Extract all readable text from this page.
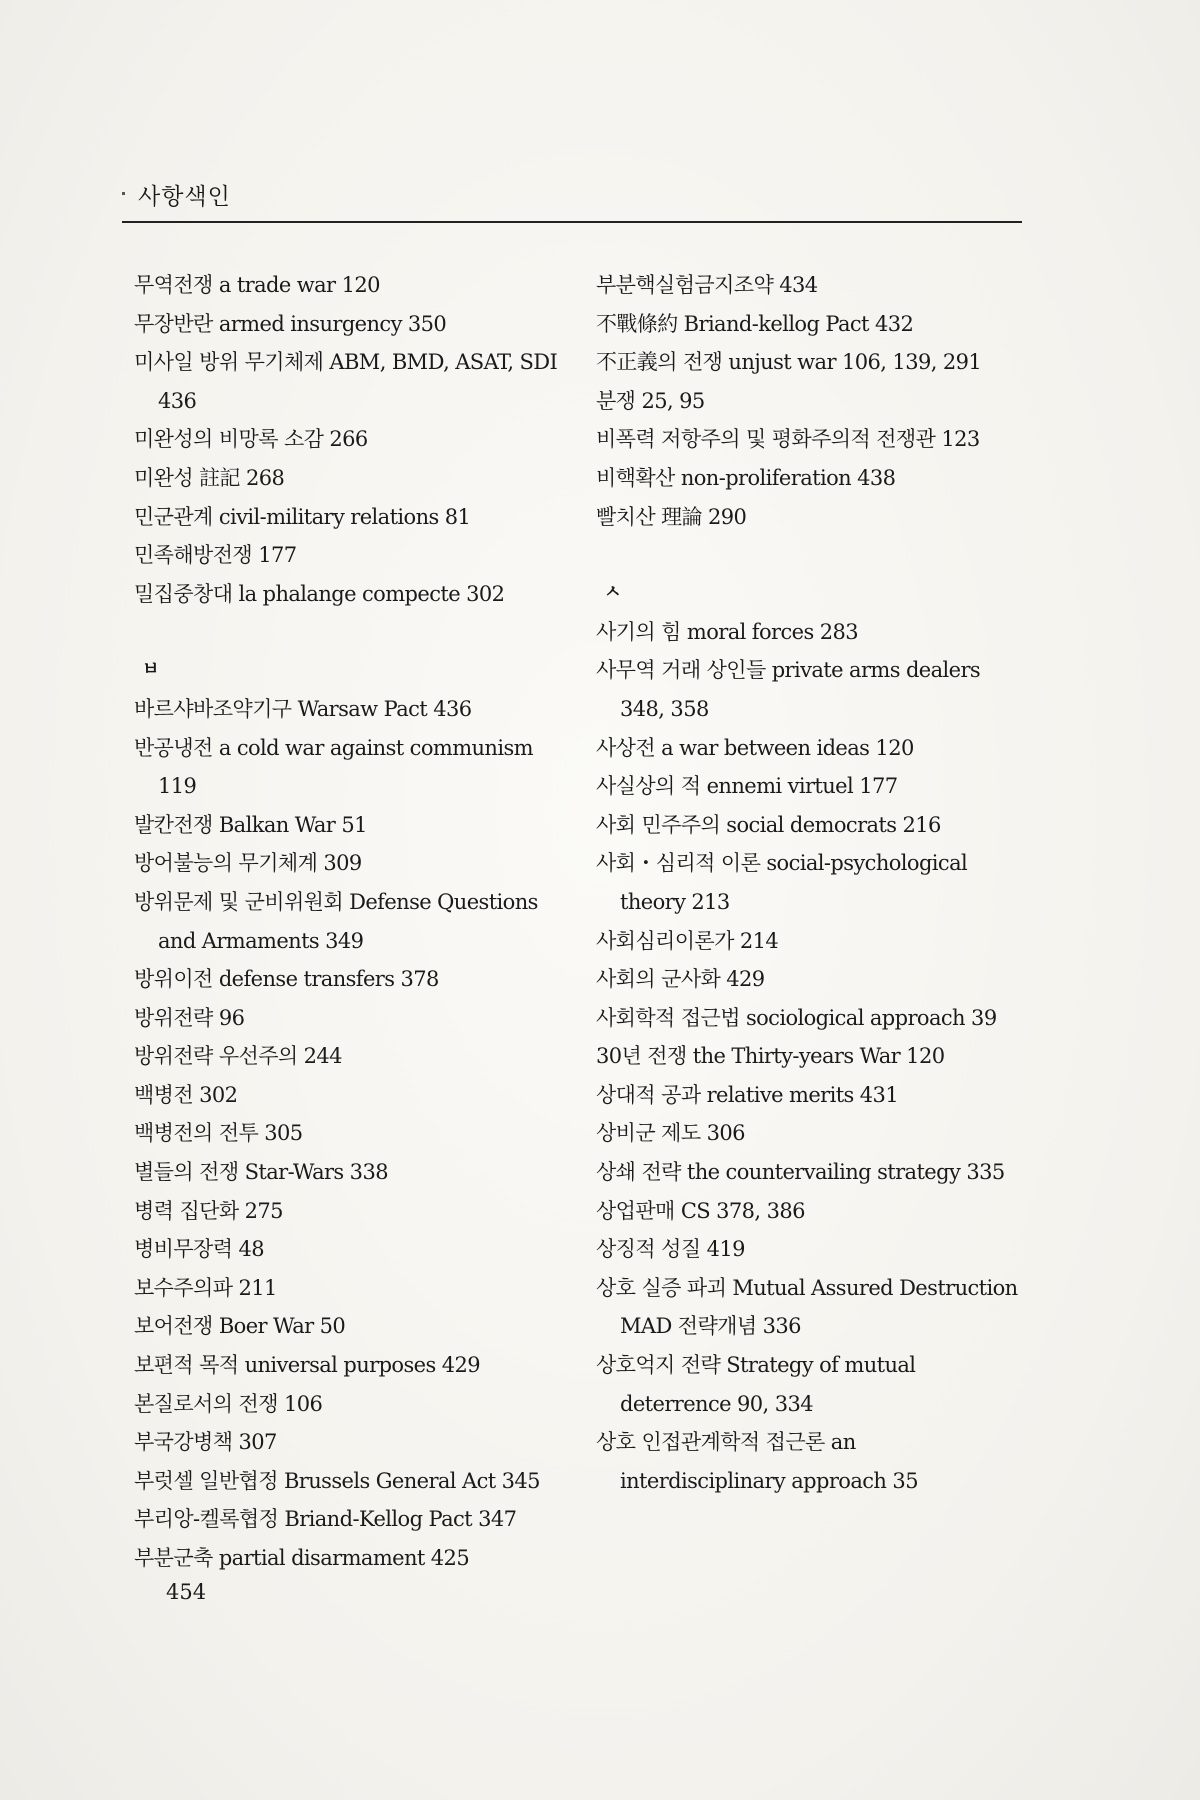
사항색인

무역전쟁 a trade war 120

무장반란 armed insurgency 350

미사일 방위 무기체제 ABM, BMD, ASAT, SDI 436

미완성의 비망록 소감 266

미완성 註記 268

민군관계 civil-military relations 81

민족해방전쟁 177

밀집중창대 la phalange compecte 302

ㅂ

바르샤바조약기구 Warsaw Pact 436

반공냉전 a cold war against communism 119

발칸전쟁 Balkan War 51

방어불능의 무기체계 309

방위문제 및 군비위원회 Defense Questions and Armaments 349

방위이전 defense transfers 378

방위전략 96

방위전략 우선주의 244

백병전 302

백병전의 전투 305

별들의 전쟁 Star-Wars 338

병력 집단화 275

병비무장력 48

보수주의파 211

보어전쟁 Boer War 50

보편적 목적 universal purposes 429

본질로서의 전쟁 106

부국강병책 307

부럿셀 일반협정 Brussels General Act 345

부리앙-켈록협정 Briand-Kellog Pact 347

부분군축 partial disarmament 425

부분핵실험금지조약 434

不戰條約 Briand-kellog Pact 432

不正義의 전쟁 unjust war 106, 139, 291

분쟁 25, 95

비폭력 저항주의 및 평화주의적 전쟁관 123

비핵확산 non-proliferation 438

빨치산 理論 290

ㅅ

사기의 힘 moral forces 283

사무역 거래 상인들 private arms dealers 348, 358

사상전 a war between ideas 120

사실상의 적 ennemi virtuel 177

사회 민주주의 social democrats 216

사회・심리적 이론 social-psychological theory 213

사회심리이론가 214

사회의 군사화 429

사회학적 접근법 sociological approach 39

30년 전쟁 the Thirty-years War 120

상대적 공과 relative merits 431

상비군 제도 306

상쇄 전략 the countervailing strategy 335

상업판매 CS 378, 386

상징적 성질 419

상호 실증 파괴 Mutual Assured Destruction MAD 전략개념 336

상호억지 전략 Strategy of mutual deterrence 90, 334

상호 인접관계학적 접근론 an interdisciplinary approach 35

454
